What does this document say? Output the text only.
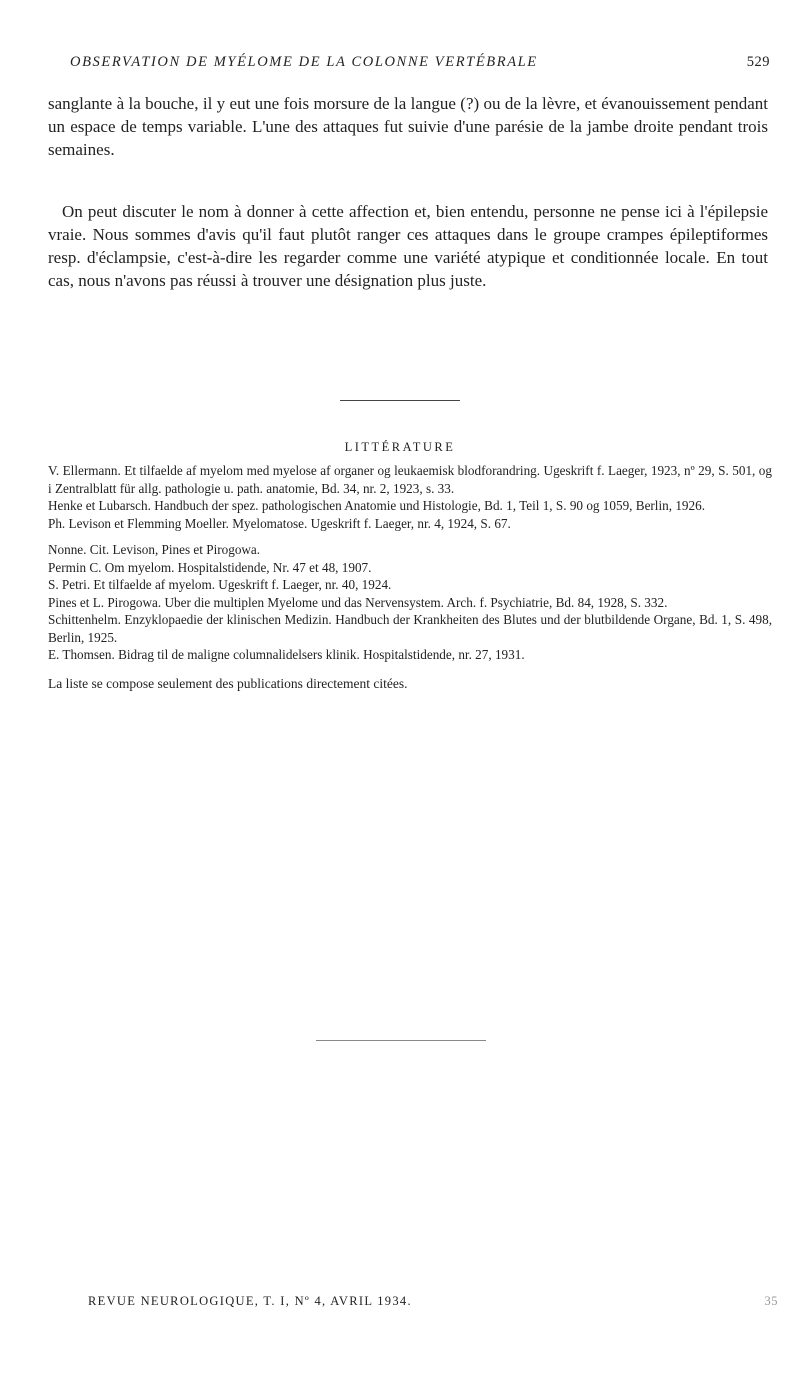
OBSERVATION DE MYÉLOME DE LA COLONNE VERTÉBRALE	529
sanglante à la bouche, il y eut une fois morsure de la langue (?) ou de la lèvre, et évanouissement pendant un espace de temps variable. L'une des attaques fut suivie d'une parésie de la jambe droite pendant trois semaines.
On peut discuter le nom à donner à cette affection et, bien entendu, personne ne pense ici à l'épilepsie vraie. Nous sommes d'avis qu'il faut plutôt ranger ces attaques dans le groupe crampes épileptiformes resp. d'éclampsie, c'est-à-dire les regarder comme une variété atypique et conditionnée locale. En tout cas, nous n'avons pas réussi à trouver une désignation plus juste.
LITTÉRATURE
V. Ellermann. Et tilfaelde af myelom med myelose af organer og leukaemisk blodforandring. Ugeskrift f. Laeger, 1923, nº 29, S. 501, og i Zentralblatt für allg. pathologie u. path. anatomie, Bd. 34, nr. 2, 1923, s. 33.
Henke et Lubarsch. Handbuch der spez. pathologischen Anatomie und Histologie, Bd. 1, Teil 1, S. 90 og 1059, Berlin, 1926.
Ph. Levison et Flemming Moeller. Myelomatose. Ugeskrift f. Laeger, nr. 4, 1924, S. 67.
Nonne. Cit. Levison, Pines et Pirogowa.
Permin C. Om myelom. Hospitalstidende, Nr. 47 et 48, 1907.
S. Petri. Et tilfaelde af myelom. Ugeskrift f. Laeger, nr. 40, 1924.
Pines et L. Pirogowa. Uber die multiplen Myelome und das Nervensystem. Arch. f. Psychiatrie, Bd. 84, 1928, S. 332.
Schittenhelm. Enzyklopaedie der klinischen Medizin. Handbuch der Krankheiten des Blutes und der blutbildende Organe, Bd. 1, S. 498, Berlin, 1925.
E. Thomsen. Bidrag til de maligne columnalidelsers klinik. Hospitalstidende, nr. 27, 1931.
La liste se compose seulement des publications directement citées.
REVUE NEUROLOGIQUE, T. I, Nº 4, AVRIL 1934.	35
